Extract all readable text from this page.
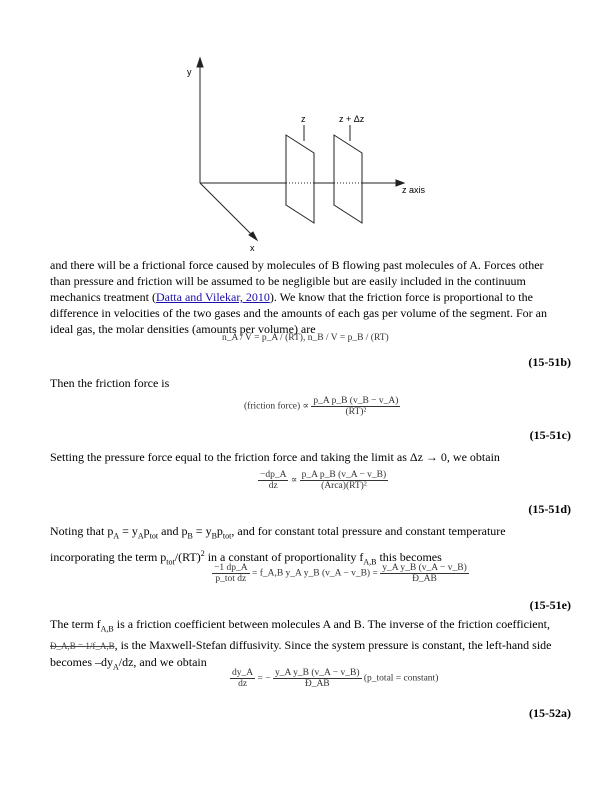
y
x
z axis
z	z + Δz

and there will be a frictional force caused by molecules of B flowing past molecules of A. Forces other than pressure and friction will be assumed to be negligible but are easily included in the continuum mechanics treatment (Datta and Vilekar, 2010). We know that the friction force is proportional to the difference in velocities of the two gases and the amounts of each gas per volume of the segment. For an ideal gas, the molar densities (amounts per volume) are

n_A / V = p_A / (RT), n_B / V = p_B / (RT)
(15-51b)

Then the friction force is

(friction force) ∝ $\frac{\text{p\_A p\_B (v\_B − v\_A)}}{\text{(RT)²}}$
(15-51c)

Setting the pressure force equal to the friction force and taking the limit as Δz → 0, we obtain

$\frac{-dp\_A}{dz} \propto \frac{\text{p\_A p\_B (v\_A − v\_B)}}{\text{(Arca)(RT)²}}$
(15-51d)

Noting that $p_A = y_Ap_{tot}$ and $p_B = y_Bp_{tot}$, and for constant total pressure and constant temperature incorporating the term $p_{tot}/(RT)^2$ in a constant of proportionality $f_{A,B}$ this becomes

$\frac{-1 dp\_A}{\text{p\_tot dz}}$ = f_A,B y_A y_B (v_A − v_B) = $\frac{\text{y\_A y\_B (v\_A − v\_B)}}{Đ\_AB}$
(15-51e)

The term $f_{A,B}$ is a friction coefficient between molecules A and B. The inverse of the friction coefficient, Đ_A,B = 1/f_A,B, is the Maxwell-Stefan diffusivity. Since the system pressure is constant, the left-hand side becomes $-dy_A/dz$, and we obtain

$\frac{dy\_A}{dz}$ = − $\frac{\text{y\_A y\_B (v\_A − v\_B)}}{Đ\_AB}$ (p_total = constant)
(15-52a)
